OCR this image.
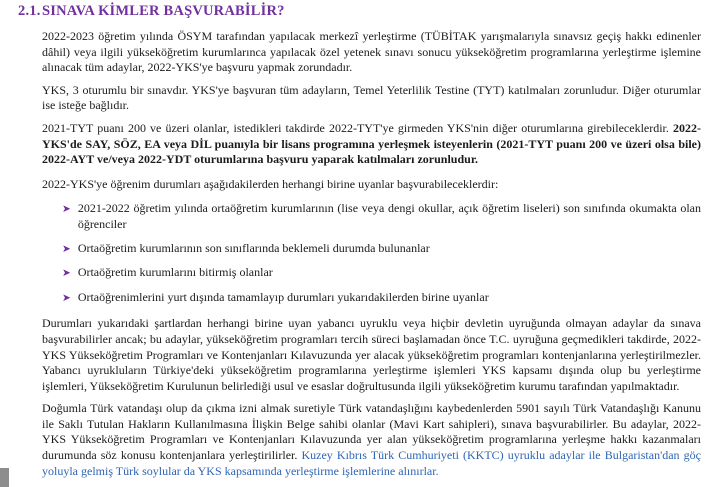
2.1. SINAVA KİMLER BAŞVURABİLİR?

2022-2023 öğretim yılında ÖSYM tarafından yapılacak merkezî yerleştirme (TÜBİTAK yarışmalarıyla sınavsız geçiş hakkı edinenler dâhil) veya ilgili yükseköğretim kurumlarınca yapılacak özel yetenek sınavı sonucu yükseköğretim programlarına yerleştirme işlemine alınacak tüm adaylar, 2022-YKS'ye başvuru yapmak zorundadır.

YKS, 3 oturumlu bir sınavdır. YKS'ye başvuran tüm adayların, Temel Yeterlilik Testine (TYT) katılmaları zorunludur. Diğer oturumlar ise isteğe bağlıdır.

2021-TYT puanı 200 ve üzeri olanlar, istedikleri takdirde 2022-TYT'ye girmeden YKS'nin diğer oturumlarına girebileceklerdir. 2022-YKS'de SAY, SÖZ, EA veya DİL puanıyla bir lisans programına yerleşmek isteyenlerin (2021-TYT puanı 200 ve üzeri olsa bile) 2022-AYT ve/veya 2022-YDT oturumlarına başvuru yaparak katılmaları zorunludur.

2022-YKS'ye öğrenim durumları aşağıdakilerden herhangi birine uyanlar başvurabileceklerdir:

➤ 2021-2022 öğretim yılında ortaöğretim kurumlarının (lise veya dengi okullar, açık öğretim liseleri) son sınıfında okumakta olan öğrenciler
➤ Ortaöğretim kurumlarının son sınıflarında beklemeli durumda bulunanlar
➤ Ortaöğretim kurumlarını bitirmiş olanlar
➤ Ortaöğrenimlerini yurt dışında tamamlayıp durumları yukarıdakilerden birine uyanlar

Durumları yukarıdaki şartlardan herhangi birine uyan yabancı uyruklu veya hiçbir devletin uyruğunda olmayan adaylar da sınava başvurabilirler ancak; bu adaylar, yükseköğretim programları tercih süreci başlamadan önce T.C. uyruğuna geçmedikleri takdirde, 2022-YKS Yükseköğretim Programları ve Kontenjanları Kılavuzunda yer alacak yükseköğretim programları kontenjanlarına yerleştirilmezler. Yabancı uyrukluların Türkiye'deki yükseköğretim programlarına yerleştirme işlemleri YKS kapsamı dışında olup bu yerleştirme işlemleri, Yükseköğretim Kurulunun belirlediği usul ve esaslar doğrultusunda ilgili yükseköğretim kurumu tarafından yapılmaktadır.

Doğumla Türk vatandaşı olup da çıkma izni almak suretiyle Türk vatandaşlığını kaybedenlerden 5901 sayılı Türk Vatandaşlığı Kanunu ile Saklı Tutulan Hakların Kullanılmasına İlişkin Belge sahibi olanlar (Mavi Kart sahipleri), sınava başvurabilirler. Bu adaylar, 2022-YKS Yükseköğretim Programları ve Kontenjanları Kılavuzunda yer alan yükseköğretim programlarına yerleşme hakkı kazanmaları durumunda söz konusu kontenjanlara yerleştirilirler. Kuzey Kıbrıs Türk Cumhuriyeti (KKTC) uyruklu adaylar ile Bulgaristan'dan göç yoluyla gelmiş Türk soylular da YKS kapsamında yerleştirme işlemlerine alınırlar.
